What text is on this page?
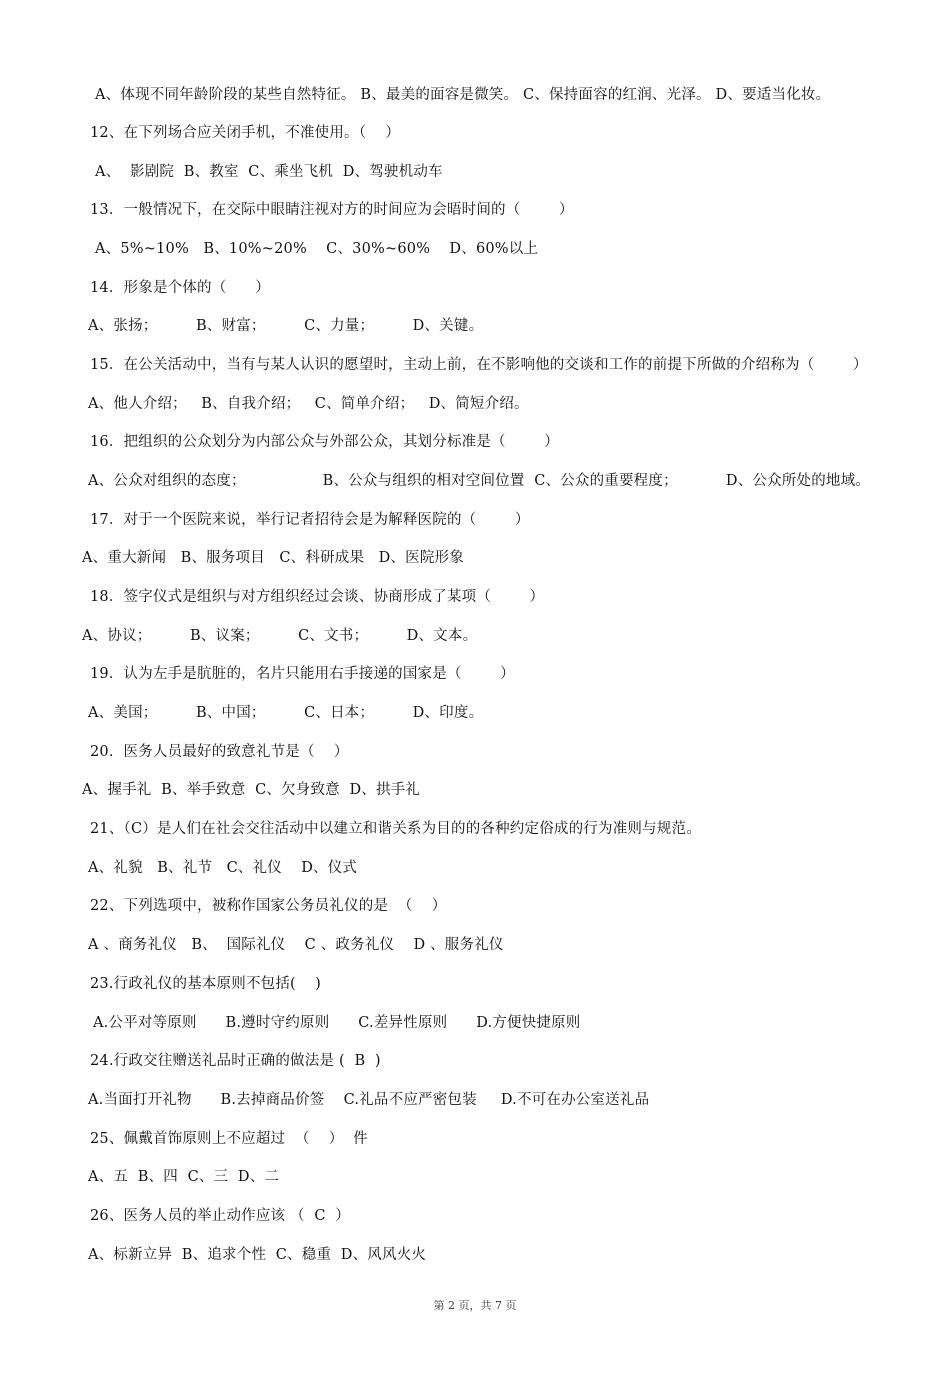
A、体现不同年龄阶段的某些自然特征。 B、最美的面容是微笑。 C、保持面容的红润、光泽。 D、要适当化妆。
12、在下列场合应关闭手机，不准使用。（    ）
A、  影剧院  B、教室  C、乘坐飞机  D、驾驶机动车
13．一般情况下，在交际中眼睛注视对方的时间应为会晤时间的（        ）
A、5%~10%   B、10%~20%    C、30%~60%    D、60%以上
14．形象是个体的（      ）
A、张扬；        B、财富；        C、力量；        D、关键。
15．在公关活动中，当有与某人认识的愿望时，主动上前，在不影响他的交谈和工作的前提下所做的介绍称为（        ）
A、他人介绍；   B、自我介绍；   C、简单介绍；   D、简短介绍。
16．把组织的公众划分为内部公众与外部公众，其划分标准是（        ）
A、公众对组织的态度；                B、公众与组织的相对空间位置  C、公众的重要程度；          D、公众所处的地域。
17．对于一个医院来说，举行记者招待会是为解释医院的（        ）
A、重大新闻   B、服务项目   C、科研成果   D、医院形象
18．签字仪式是组织与对方组织经过会谈、协商形成了某项（        ）
A、协议；        B、议案；        C、文书；        D、文本。
19．认为左手是肮脏的，名片只能用右手接递的国家是（        ）
A、美国；        B、中国；        C、日本；        D、印度。
20．医务人员最好的致意礼节是（    ）
A、握手礼  B、举手致意  C、欠身致意  D、拱手礼
21、（C）是人们在社会交往活动中以建立和谐关系为目的的各种约定俗成的行为准则与规范。
A、礼貌   B、礼节   C、礼仪    D、仪式
22、下列选项中，被称作国家公务员礼仪的是  （    ）
A 、商务礼仪   B、  国际礼仪    C 、政务礼仪    D 、服务礼仪
23.行政礼仪的基本原则不包括(    )
A.公平对等原则      B.遵时守约原则      C.差异性原则      D.方便快捷原则
24.行政交往赠送礼品时正确的做法是 (  B  )
A.当面打开礼物      B.去掉商品价签    C.礼品不应严密包装     D.不可在办公室送礼品
25、佩戴首饰原则上不应超过  （    ）  件
A、五  B、四  C、三  D、二
26、医务人员的举止动作应该 （  C  ）
A、标新立异  B、追求个性  C、稳重  D、风风火火
第 2 页，共 7 页
